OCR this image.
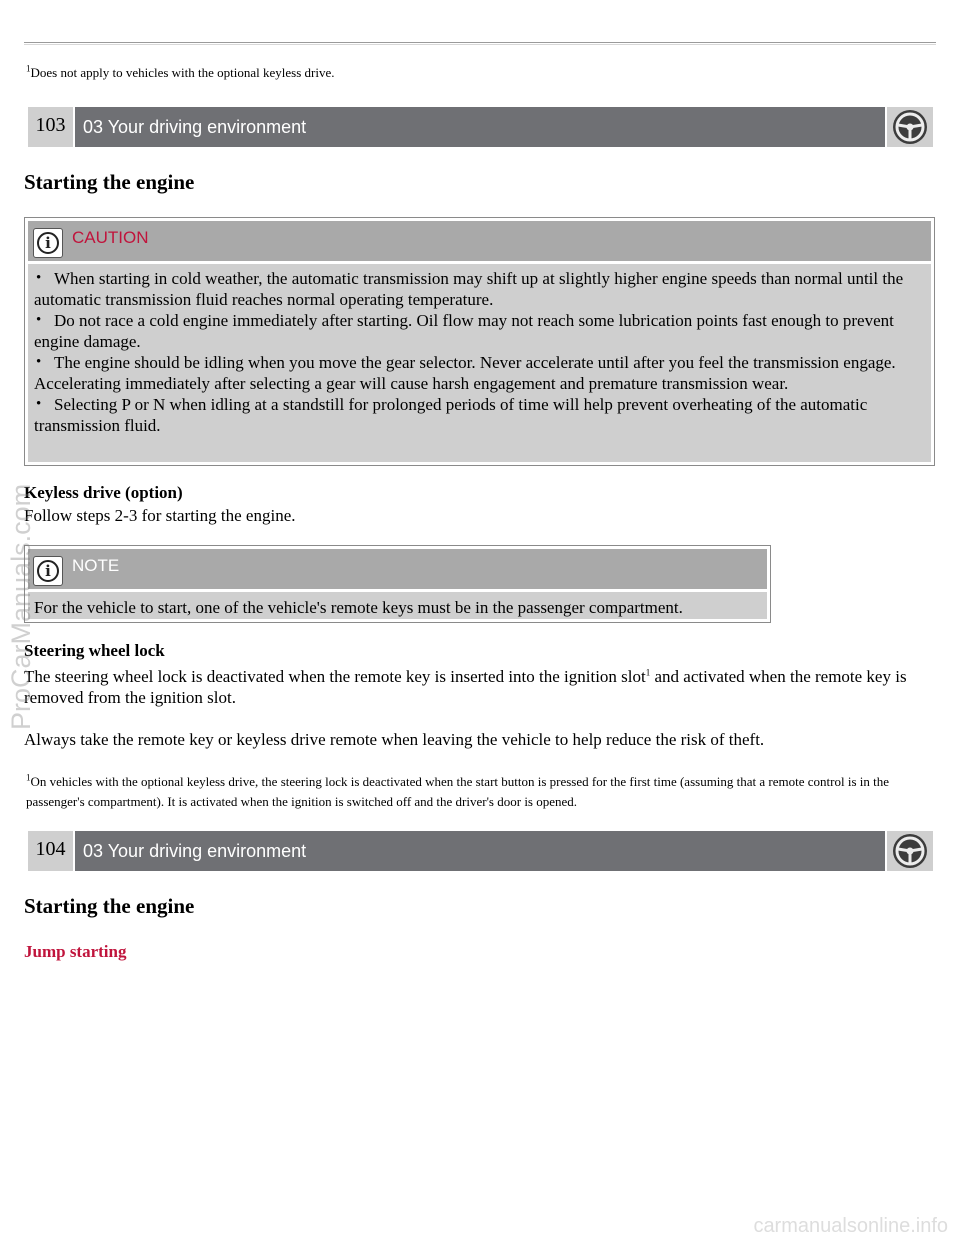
$^1$Does not apply to vehicles with the optional keyless drive.

103 03 Your driving environment
Starting the engine
i	CAUTION
• When starting in cold weather, the automatic transmission may shift up at slightly higher engine speeds than normal until the automatic transmission fluid reaches normal operating temperature.
• Do not race a cold engine immediately after starting. Oil flow may not reach some lubrication points fast enough to prevent engine damage.
• The engine should be idling when you move the gear selector. Never accelerate until after you feel the transmission engage. Accelerating immediately after selecting a gear will cause harsh engagement and premature transmission wear.
• Selecting P or N when idling at a standstill for prolonged periods of time will help prevent overheating of the automatic transmission fluid.
Keyless drive (option)

Follow steps 2-3 for starting the engine.

i	NOTE

For the vehicle to start, one of the vehicle's remote keys must be in the passenger compartment.

Steering wheel lock

The steering wheel lock is deactivated when the remote key is inserted into the ignition slot$^1$ and activated when the remote key is removed from the ignition slot.

Always take the remote key or keyless drive remote when leaving the vehicle to help reduce the risk of theft.

$^1$On vehicles with the optional keyless drive, the steering lock is deactivated when the start button is pressed for the first time (assuming that a remote control is in the passenger's compartment). It is activated when the ignition is switched off and the driver's door is opened.

104 03 Your driving environment
Starting the engine
Jump starting
ProCarManuals.com
carmanualsonline.info
